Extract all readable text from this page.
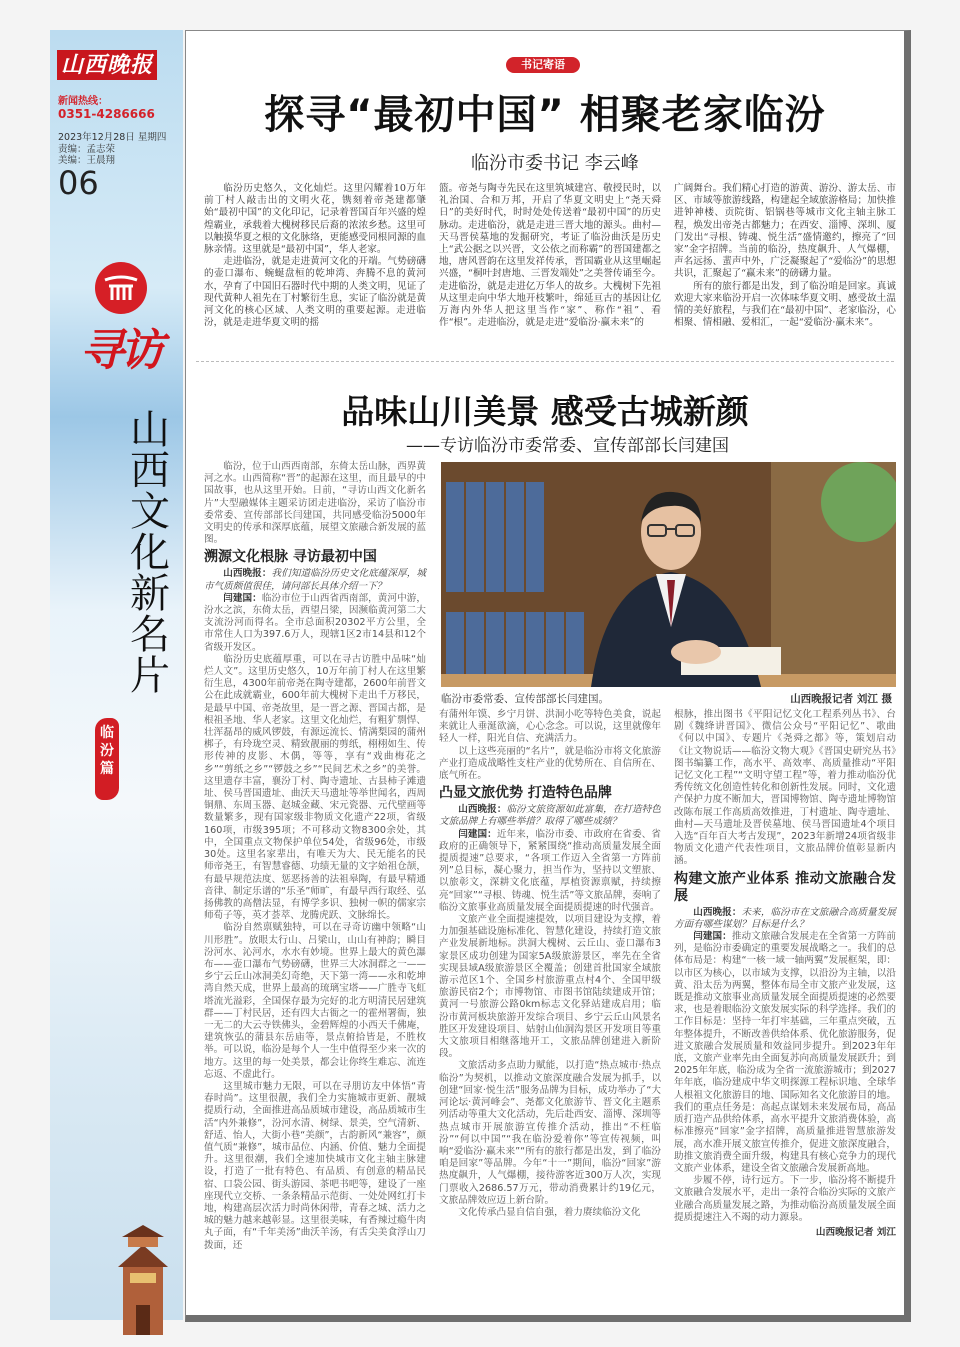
山西晚报
新闻热线：
0351-4286666
2023年12月28日 星期四
责编：孟志荣
美编：王晨翔
06
寻访
山
西
文
化
新
名
片
临汾篇
书记寄语
探寻“最初中国” 相聚老家临汾
临汾市委书记 李云峰

临汾历史悠久，文化灿烂。这里闪耀着10万年前丁村人敲击出的文明火花，镌刻着帝尧建都肇始“最初中国”的文化印记，记录着晋国百年兴盛的煌煌霸业，承载着大槐树移民后裔的浓浓乡愁。这里可以触摸华夏之根的文化脉络，更能感受同根同源的血脉亲情。这里就是“最初中国”，华人老家。

走进临汾，就是走进黄河文化的开端。气势磅礴的壶口瀑布、蜿蜒盘桓的乾坤湾、奔腾不息的黄河水，孕育了中国旧石器时代中期的人类文明，见证了现代黄种人祖先在丁村繁衍生息，实证了临汾就是黄河文化的核心区域、人类文明的重要起源。走进临汾，就是走进华夏文明的摇

篮。帝尧与陶寺先民在这里筑城建宫、敬授民时，以礼治国、合和万邦，开启了华夏文明史上“尧天舜日”的美好时代，时时处处传送着“最初中国”的历史脉动。走进临汾，就是走进三晋大地的源头。曲村—天马晋侯墓地的发掘研究，考证了临汾曲沃是历史上“武公据之以兴晋，文公依之而称霸”的晋国建都之地，唐风晋韵在这里发祥传承，晋国霸业从这里崛起兴盛，“桐叶封唐地、三晋发端处”之美誉传诵至今。走进临汾，就是走进亿万华人的故乡。大槐树下先祖从这里走向中华大地开枝繁叶，绵延亘古的基因让亿万海内外华人把这里当作“家”、称作“祖”、看作“根”。走进临汾，就是走进“爱临汾·赢未来”的

广阔舞台。我们精心打造的游黄、游汾、游太岳、市区、市域等旅游线路，构建起全域旅游格局；加快推进钟神楼、贡院街、铝锅巷等城市文化主轴主脉工程，焕发出帝尧古都魅力；在西安、淄博、深圳、厦门发出“寻根、铸魂、悦生活”盛情邀约，擦亮了“回家”金字招牌。当前的临汾，热度飙升、人气爆棚，声名远扬、蜚声中外，广泛凝聚起了“爱临汾”的思想共识，汇聚起了“赢未来”的磅礴力量。

所有的旅行都是出发，到了临汾咱是回家。真诚欢迎大家来临汾开启一次体味华夏文明、感受故土温情的美好旅程，与我们在“最初中国”、老家临汾，心相聚、情相融、爱相汇，一起“爱临汾·赢未来”。

品味山川美景 感受古城新颜
——专访临汾市委常委、宣传部部长闫建国
临汾市委常委、宣传部部长闫建国。	山西晚报记者 刘江 摄

临汾，位于山西西南部，东倚太岳山脉，西界黄河之水。山西简称“晋”的起源在这里，而且最早的中国故事，也从这里开始。日前，“寻访山西文化新名片”大型融媒体主题采访团走进临汾，采访了临汾市委常委、宣传部部长闫建国，共同感受临汾5000年文明史的传承和深厚底蕴，展望文旅融合新发展的蓝图。

溯源文化根脉 寻访最初中国

山西晚报：我们知道临汾历史文化底蕴深厚，城市气质颇值很佳，请问部长具体介绍一下？

闫建国：临汾市位于山西省西南部，黄河中游，汾水之滨，东倚太岳，西望吕梁，因濒临黄河第二大支流汾河而得名。全市总面积20302平方公里，全市常住人口为397.6万人，现辖1区2市14县和12个省级开发区。

临汾历史底蕴厚重，可以在寻古访胜中品味“灿烂人文”。这里历史悠久，10万年前丁村人在这里繁衍生息，4300年前帝尧在陶寺建都，2600年前晋文公在此成就霸业，600年前大槐树下走出千万移民，是最早中国、帝尧故里，是一晋之源、晋国古都，是根祖圣地、华人老家。这里文化灿烂，有粗犷剽悍、壮浑磊昂的威风锣鼓，有源远流长、情满梨园的蒲州梆子，有玲珑空灵、精致靓丽的剪纸，栩栩如生、传形传神的皮影、木偶，等等，享有“戏曲梅花之乡”“剪纸之乡”“锣鼓之乡”“民间艺术之乡”的美誉。这里遗存丰富，襄汾丁村、陶寺遗址、古县柿子滩遗址、侯马晋国遗址、曲沃天马遗址等举世闻名，西周铜鼎、东周玉器、赵城金藏、宋元瓷器、元代壁画等数量繁多，现有国家级非物质文化遗产22项，省级160项，市级395项；不可移动文物8300余处，其中，全国重点文物保护单位54处，省级96处，市级30处。这里名家辈出，有唯天为大、民无能名的民师帝尧王，有智慧睿德、功绩无量的文字始祖仓颉，有最早规范法度、惩恶扬善的法祖皋陶，有最早精通音律、制定乐谱的“乐圣”师旷，有最早西行取经、弘扬佛教的高僧法显，有博学多识、独树一帜的儒家宗师荀子等，英才荟萃、龙腾虎跃、文脉绵长。

临汾自然禀赋独特，可以在寻奇访幽中领略“山川形胜”。放眼太行山、吕梁山，山山有神韵；瞬目汾河水、沁河水，水水有妙境。世界上最大的黄色瀑布——壶口瀑布气势磅礴，世界三大冰洞群之一——乡宁云丘山冰洞美幻奇绝，天下第一湾——永和乾坤湾自然天成，世界上最高的琉璃宝塔——广胜寺飞虹塔流光溢彩，全国保存最为完好的北方明清民居建筑群——丁村民居，还有四大古衙之一的霍州署衙，独一无二的大云寺铁佛头，金碧辉煌的小西天千佛庵，建筑恢弘的蒲县东岳庙等，景点俯拾皆是，不胜枚举。可以说，临汾是每个人一生中值得至少来一次的地方。这里的每一处美景，都会让你终生难忘、流连忘返、不虚此行。

这里城市魅力无限，可以在寻朋访友中体悟“青春时尚”。这里很靓，我们全力实施城市更新、靓城提质行动，全面推进高品质城市建设，高品质城市生活“内外兼修”，汾河水清、树绿、景美，空气清新、舒适、怡人，大街小巷“美颜”，古韵新风“兼容”，颜值气质“兼修”，城市品位、内涵、价值、魅力全面提升。这里很潮，我们全速加快城市文化主轴主脉建设，打造了一批有特色、有品质、有创意的精品民宿、口袋公园、街头游园、茶吧书吧等，建设了一座座现代立交桥、一条条精品示范街、一处处网红打卡地，构建高层次活力时尚休闲带，青春之城、活力之城的魅力越来越彰显。这里很美味，有香辣过瘾牛肉丸子面，有“千年美汤”曲沃羊汤，有舌尖美食浮山刀拨面，还

有蒲州年馍、乡宁月饼、洪洞小吃等特色美食，说起来就让人垂涎欲滴，心心念念。可以说，这里就像年轻人一样，阳光自信、充满活力。

以上这些亮丽的“名片”，就是临汾市将文化旅游产业打造成战略性支柱产业的优势所在、自信所在、底气所在。

凸显文旅优势 打造特色品牌

山西晚报：临汾文旅资源如此富集，在打造特色文旅品牌上有哪些举措？取得了哪些成绩？

闫建国：近年来，临汾市委、市政府在省委、省政府的正确领导下，紧紧围绕“推动高质量发展全面提质提速”总要求，“各项工作迈入全省第一方阵前列”总目标，凝心聚力，担当作为，坚持以文塑旅、以旅彰文，深耕文化底蕴，厚植资源禀赋，持续擦亮“回家”“寻根、铸魂、悦生活”等文旅品牌，奏响了临汾文旅事业高质量发展全面提质提速的时代强音。

文旅产业全面提速提效，以项目建设为支撑，着力加强基础设施标准化、智慧化建设，持续打造文旅产业发展新地标。洪洞大槐树、云丘山、壶口瀑布3家景区成功创建为国家5A级旅游景区，率先在全省实现县域A级旅游景区全覆盖；创建首批国家全域旅游示范区1个、全国乡村旅游重点村4个、全国甲级旅游民宿2个；市博物馆、市图书馆陆续建成开馆；黄河一号旅游公路0km标志文化驿站建成启用；临汾市黄河板块旅游开发综合项目、乡宁云丘山风景名胜区开发建设项目、姑射山仙洞沟景区开发项目等重大文旅项目相继落地开工，文旅品牌创建进入新阶段。

文旅活动多点助力赋能，以打造“热点城市·热点临汾”为契机，以推动文旅深度融合发展为抓手，以创建“回家·悦生活”服务品牌为目标，成功举办了“大河论坛·黄河峰会”、尧都文化旅游节、晋文化主题系列活动等重大文化活动，先后赴西安、淄博、深圳等热点城市开展旅游宣传推介活动，推出“不枉临汾”“何以中国”“我在临汾爱着你”等宣传视频，叫响“爱临汾·赢未来”“所有的旅行都是出发，到了临汾咱是回家”等品牌。今年“十一”期间，临汾“回家”游热度飙升，人气爆棚，接待游客近300万人次，实现门票收入2686.57万元，带动消费累计约19亿元，文旅品牌效应迈上新台阶。

文化传承凸显自信自强，着力赓续临汾文化

根脉，推出图书《平阳记忆文化工程系列丛书》、台剧《魏绛讲晋国》、微信公众号“平阳记忆”、歌曲《何以中国》、专题片《尧舜之都》等，策划启动《让文物说话——临汾文物大观》《晋国史研究丛书》图书编纂工作，高水平、高效率、高质量推动“平阳记忆文化工程”“文明守望工程”等，着力推动临汾优秀传统文化创造性转化和创新性发展。同时，文化遗产保护力度不断加大，晋国博物馆、陶寺遗址博物馆改陈布展工作高质高效推进，丁村遗址、陶寺遗址、曲村—天马遗址及晋侯墓地、侯马晋国遗址4个项目入选“百年百大考古发现”，2023年新增24项省级非物质文化遗产代表性项目，文旅品牌价值彰显新内涵。

构建文旅产业体系 推动文旅融合发展

山西晚报：未来，临汾市在文旅融合高质量发展方面有哪些谋划？目标是什么？

闫建国：推动文旅融合发展走在全省第一方阵前列，是临汾市委确定的重要发展战略之一。我们的总体布局是：构建“一核一域一轴两翼”发展框架，即：以市区为核心，以市域为支撑，以沿汾为主轴，以沿黄、沿太岳为两翼，整体布局全市文旅产业发展，这既是推动文旅事业高质量发展全面提质提速的必然要求，也是着眼临汾文旅发展实际的科学选择。我们的工作目标是：坚持一年打牢基础，三年重点突破，五年整体提升，不断改善供给体系、优化旅游服务，促进文旅融合发展质量和效益同步提升。到2023年年底，文旅产业率先由全面复苏向高质量发展跃升；到2025年年底，临汾成为全省一流旅游城市；到2027年年底，临汾建成中华文明探源工程标识地、全球华人根祖文化旅游目的地、国际知名文化旅游目的地。我们的重点任务是：高起点谋划未来发展布局，高品质打造产品供给体系，高水平提升文旅消费体验，高标准擦亮“回家”金字招牌，高质量推进智慧旅游发展，高水准开展文旅宣传推介，促进文旅深度融合，助推文旅消费全面升级，构建具有核心竞争力的现代文旅产业体系，建设全省文旅融合发展新高地。

步履不停，诗行远方。下一步，临汾将不断提升文旅融合发展水平，走出一条符合临汾实际的文旅产业融合高质量发展之路，为推动临汾高质量发展全面提质提速注入不竭的动力源泉。

山西晚报记者 刘江
